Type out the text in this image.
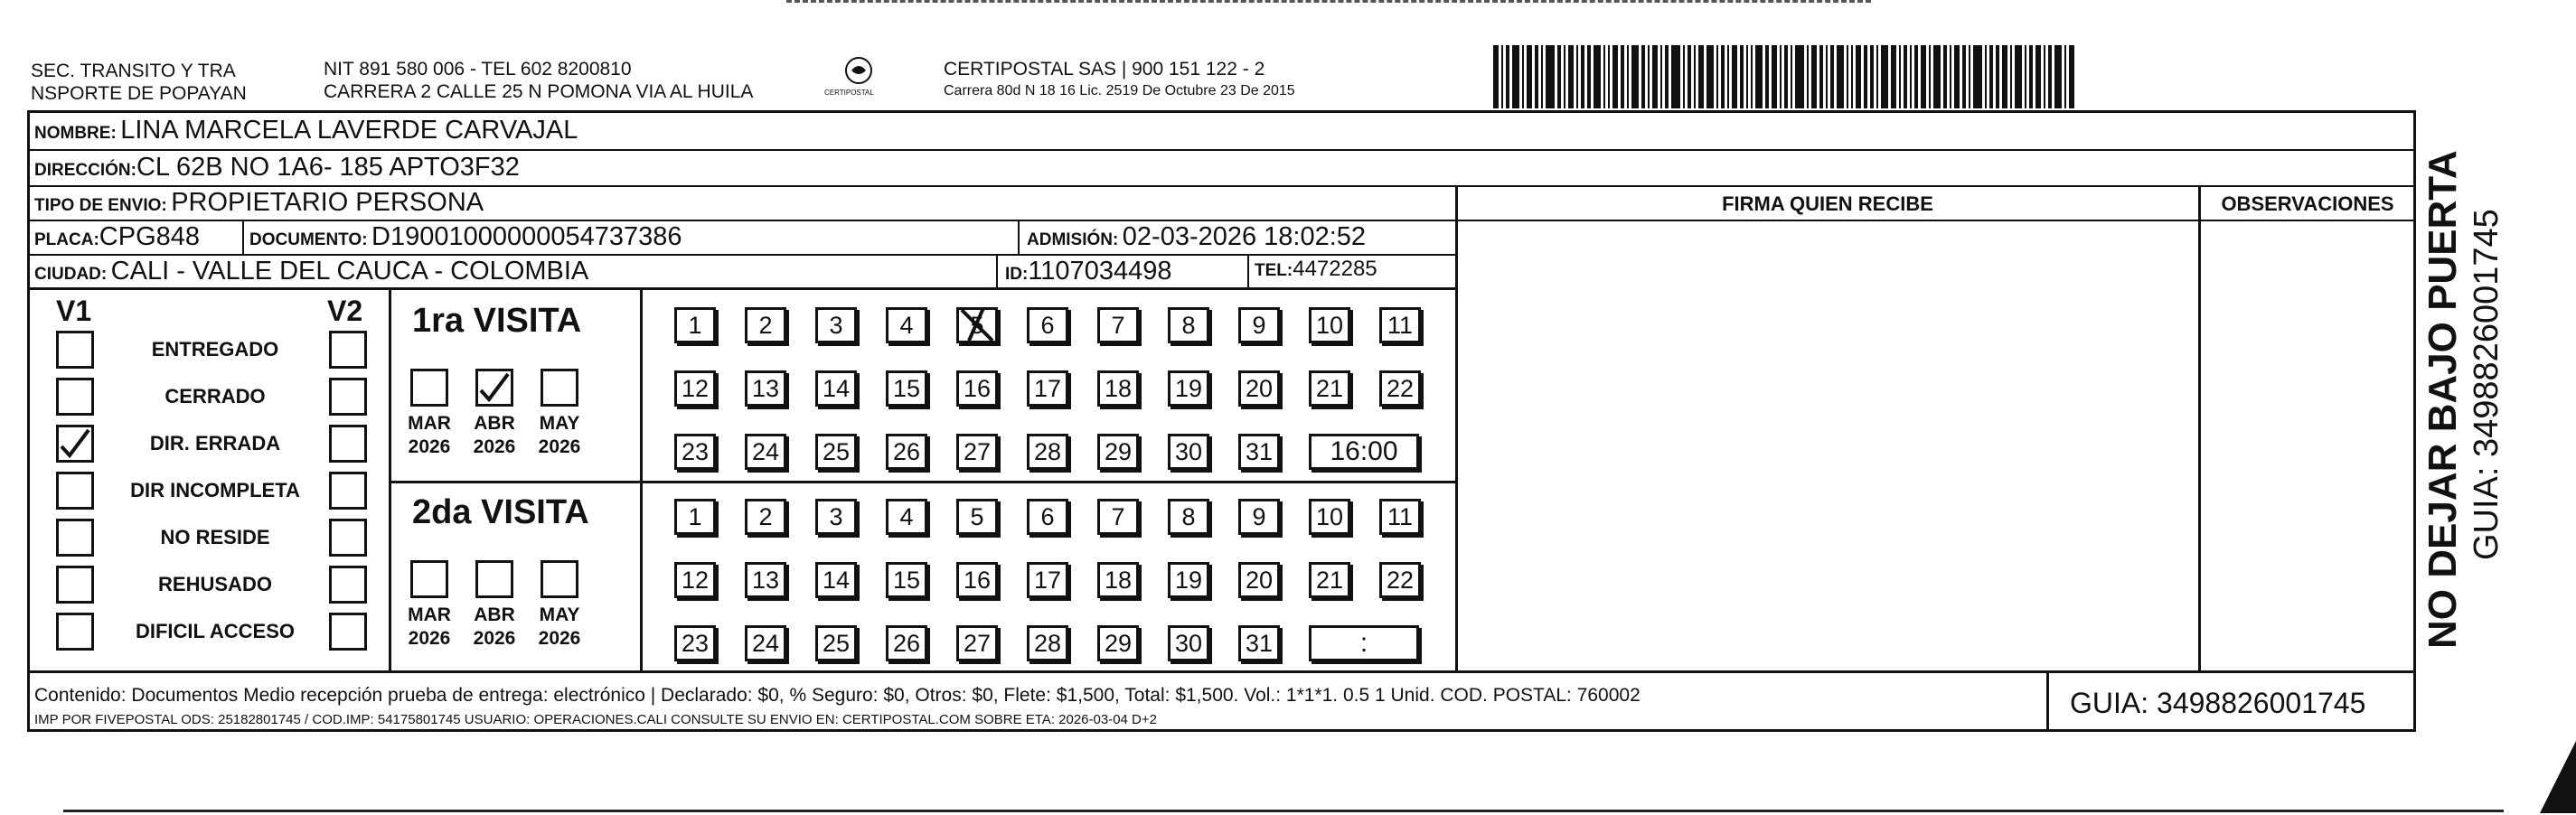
SEC. TRANSITO Y TRA
NSPORTE DE POPAYAN
NIT 891 580 006 - TEL 602 8200810
CARRERA 2 CALLE 25 N POMONA VIA AL HUILA	CERTIPOSTAL
CERTIPOSTAL SAS | 900 151 122 - 2
Carrera 80d N 18 16 Lic. 2519 De Octubre 23 De 2015
NOMBRE: LINA MARCELA LAVERDE CARVAJAL
DIRECCIÓN:CL 62B NO 1A6- 185 APTO3F32
TIPO DE ENVIO: PROPIETARIO PERSONA
PLACA:CPG848	DOCUMENTO: D19001000000054737386	ADMISIÓN: 02-03-2026 18:02:52
CIUDAD: CALI - VALLE DEL CAUCA - COLOMBIA	ID:1107034498	TEL:4472285
FIRMA QUIEN RECIBE	OBSERVACIONES
V1	V2
ENTREGADO
CERRADO
DIR. ERRADA
DIR INCOMPLETA
NO RESIDE
REHUSADO
DIFICIL ACCESO
1ra VISITA
MAR
2026
ABR
2026
MAY
2026
2da VISITA
MAR
2026
ABR
2026
MAY
2026
1	2	3	4	5	6	7	8	9	10	11
12 13 14 15 16 17 18 19 20 21 22
23 24 25 26 27 28 29 30 31	16:00
1	2	3	4	5	6	7	8	9	10	11
12 13 14 15 16 17 18 19 20 21 22
23 24 25 26 27 28 29 30 31	:
Contenido: Documentos Medio recepción prueba de entrega: electrónico | Declarado: $0, % Seguro: $0, Otros: $0, Flete: $1,500, Total: $1,500. Vol.: 1*1*1. 0.5 1 Unid. COD. POSTAL: 760002
IMP POR FIVEPOSTAL ODS: 25182801745 / COD.IMP: 54175801745 USUARIO: OPERACIONES.CALI CONSULTE SU ENVIO EN: CERTIPOSTAL.COM SOBRE ETA: 2026-03-04 D+2
GUIA: 3498826001745
NO DEJAR BAJO PUERTA GUIA: 3498826001745
